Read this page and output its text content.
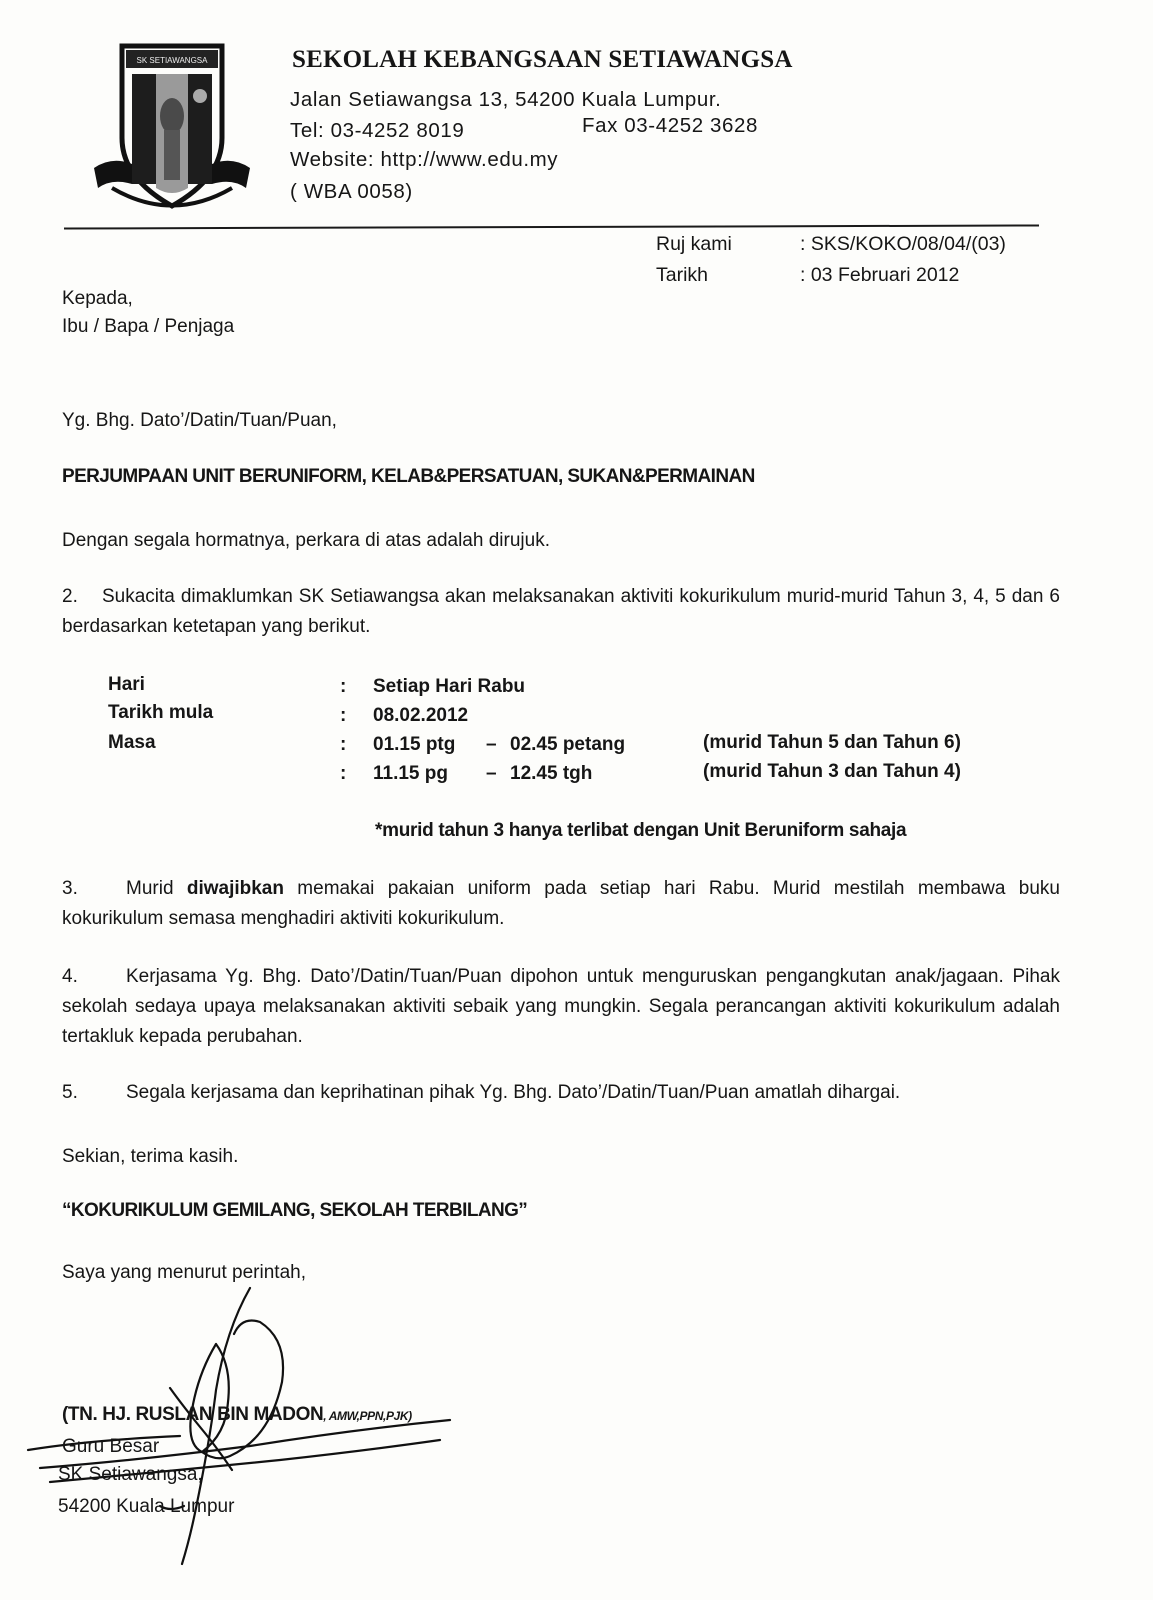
SK SETIAWANGSA	SEKOLAH KEBANGSAAN SETIAWANGSA
Jalan Setiawangsa 13, 54200 Kuala Lumpur.
Tel: 03-4252 8019	Fax 03-4252 3628
Website: http://www.edu.my
( WBA 0058)
Ruj kami	: SKS/KOKO/08/04/(03)
Tarikh	: 03 Februari 2012
Kepada,
Ibu / Bapa / Penjaga
Yg. Bhg. Dato’/Datin/Tuan/Puan,
PERJUMPAAN UNIT BERUNIFORM, KELAB&PERSATUAN, SUKAN&PERMAINAN
Dengan segala hormatnya, perkara di atas adalah dirujuk.
2. Sukacita dimaklumkan SK Setiawangsa akan melaksanakan aktiviti kokurikulum murid-murid Tahun 3, 4, 5 dan 6 berdasarkan ketetapan yang berikut.
Hari	: Setiap Hari Rabu
Tarikh mula	: 08.02.2012
Masa	: 01.15 ptg – 02.45 petang	(murid Tahun 5 dan Tahun 6)
: 11.15 pg – 12.45 tgh	(murid Tahun 3 dan Tahun 4)
*murid tahun 3 hanya terlibat dengan Unit Beruniform sahaja
3.	Murid diwajibkan memakai pakaian uniform pada setiap hari Rabu. Murid mestilah membawa buku kokurikulum semasa menghadiri aktiviti kokurikulum.
4.	Kerjasama Yg. Bhg. Dato’/Datin/Tuan/Puan dipohon untuk menguruskan pengangkutan anak/jagaan. Pihak sekolah sedaya upaya melaksanakan aktiviti sebaik yang mungkin. Segala perancangan aktiviti kokurikulum adalah tertakluk kepada perubahan.
5.	Segala kerjasama dan keprihatinan pihak Yg. Bhg. Dato’/Datin/Tuan/Puan amatlah dihargai.
Sekian, terima kasih.
“KOKURIKULUM GEMILANG, SEKOLAH TERBILANG”
Saya yang menurut perintah,
(TN. HJ. RUSLAN BIN MADON, AMW,PPN,PJK)
Guru Besar
SK Setiawangsa,
54200 Kuala Lumpur
